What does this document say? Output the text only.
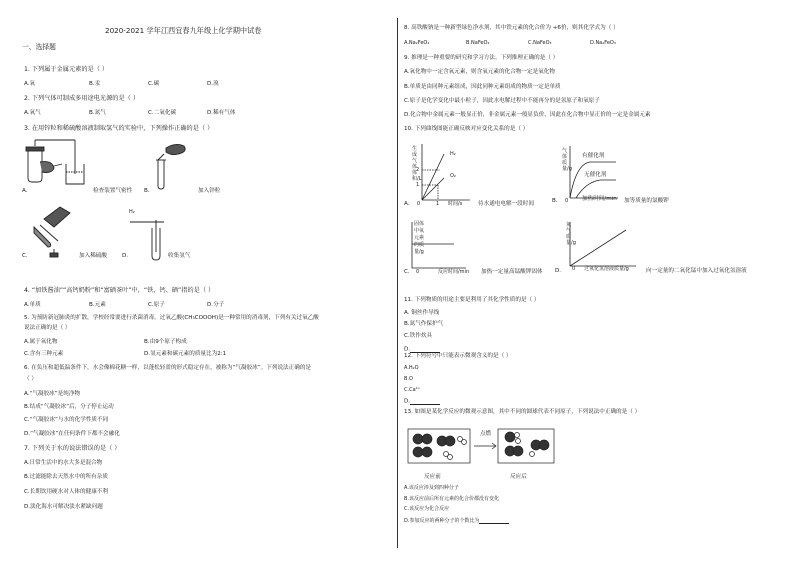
2020-2021 学年江西宜春九年级上化学期中试卷
一、选择题
1. 下列属于金属元素的是（ ）
A.氧	B.汞	C.碳	D.溴
2. 下列气体可制成多用途电光源的是（ ）
A.氧气	B.氮气	C.二氧化碳	D.稀有气体
3. 在用锌粒和稀硫酸溶液制取氢气的实验中，下列操作正确的是（ ）
A.	B.
检查装置气密性	加入锌粒
C.	加入稀硫酸
H₂
D.	收集氢气
4. “加铁酱油”“高钙奶粉”和“富硒茶叶”中，“铁、钙、硒”指的是（ ）
A.单质	B.元素	C.原子	D.分子
5. 为预防新冠肺炎的扩散，学校经常要进行杀菌消毒。过氧乙酸(CH₃COOOH)是一种常用的消毒剂，下列有关过氧乙酸
说法正确的是（ ）
A.属于氧化物	B.由9个原子构成
C.含有三种元素	D.氢元素和碳元素的质量比为2:1
6. 在负压和超低温条件下，水会像棉花糖一样，以蓬松轻盈的形式稳定存在，被称为“气凝胶冰”。下列说法正确的是
（ ）
A.“气凝胶冰”是纯净物
B.结成“气凝胶冰”后，分子停止运动
C.“气凝胶冰”与水的化学性质不同
D.“气凝胶冰”在任何条件下都不会融化
7. 下列关于水的说法错误的是（ ）
A.日常生活中的水大多是混合物
B.过滤能除去天然水中的所有杂质
C.长期饮用硬水对人体的健康不利
D.淡化海水可解决淡水紧缺问题
8. 高铁酸钠是一种新型绿色净水剂，其中铁元素的化合价为 +6价，则其化学式为（ ）
A.Na₂FeO₄	B.NaFeO₂	C.NaFeO₃	D.Na₂FeO₃
9. 推理是一种重要的研究和学习方法。下列推理正确的是（ ）
A.氧化物中一定含氧元素，则含氧元素的化合物一定是氧化物
B.单质是由同种元素组成，因此同种元素组成的物质一定是单质
C.原子是化学变化中最小粒子，因此水电解过程中不能再分的是氢原子和氧原子
D.化合物中金属元素一般显正价，非金属元素一般显负价，因此在化合物中显正价的一定是金属元素
10. 下列曲线图能正确反映对应变化关系的是（ ）
生成气体体积/L
2
1
0	1 时间/s
H₂
O₂
A.	待水通电电解一段时间
气体质量/g
有催化剂
无催化剂
0
B.	加热时间/min 加等质量的氯酸钾
固体
中氧
元素
的质
量/g
C. 0	反应时间/min 加热一定量高锰酸钾固体
氧气质量/g
D. 0 过氧化氢溶液质量/g	向一定量的二氧化锰中加入过氧化氢溶液
11. 下列物质的用途主要是利用了其化学性质的是（ ）
A. 铜丝作导线
B.氮气作保护气
C.铁作炊具
D.
12. 下列符号中只能表示微观含义的是（ ）
A.H₂O
B.O
C.Ca²⁺
D.
13. 如图是某化学反应的微观示意图，其中不同的圆球代表不同原子，下列说法中正确的是（ ）
点燃
反应前	反应后
A.该反应涉及到四种分子
B.该反应前后所有元素的化合价都没有变化
C.该反应为化合反应
D.参加反应的两种分子的个数比为
